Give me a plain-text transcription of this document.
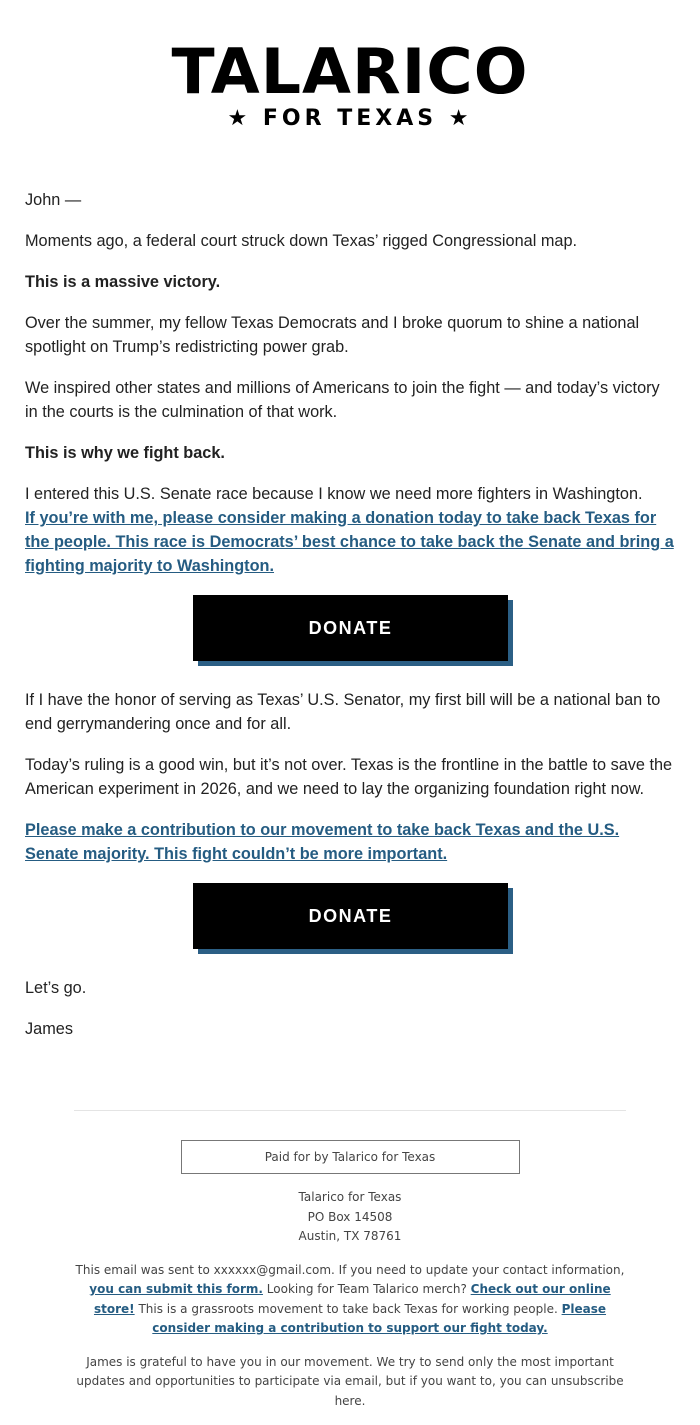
TALARICO
★ FOR TEXAS ★

John —

Moments ago, a federal court struck down Texas’ rigged Congressional map.

This is a massive victory.

Over the summer, my fellow Texas Democrats and I broke quorum to shine a national spotlight on Trump’s redistricting power grab.

We inspired other states and millions of Americans to join the fight — and today’s victory in the courts is the culmination of that work.

This is why we fight back.

I entered this U.S. Senate race because I know we need more fighters in Washington.
If you’re with me, please consider making a donation today to take back Texas for the people. This race is Democrats’ best chance to take back the Senate and bring a fighting majority to Washington.

DONATE

If I have the honor of serving as Texas’ U.S. Senator, my first bill will be a national ban to end gerrymandering once and for all.

Today’s ruling is a good win, but it’s not over. Texas is the frontline in the battle to save the American experiment in 2026, and we need to lay the organizing foundation right now.

Please make a contribution to our movement to take back Texas and the U.S. Senate majority. This fight couldn’t be more important.

DONATE

Let’s go.

James

Paid for by Talarico for Texas
Talarico for Texas
PO Box 14508
Austin, TX 78761
This email was sent to xxxxxx@gmail.com. If you need to update your contact information, you can submit this form. Looking for Team Talarico merch? Check out our online store! This is a grassroots movement to take back Texas for working people. Please consider making a contribution to support our fight today.
James is grateful to have you in our movement. We try to send only the most important updates and opportunities to participate via email, but if you want to, you can unsubscribe here.
